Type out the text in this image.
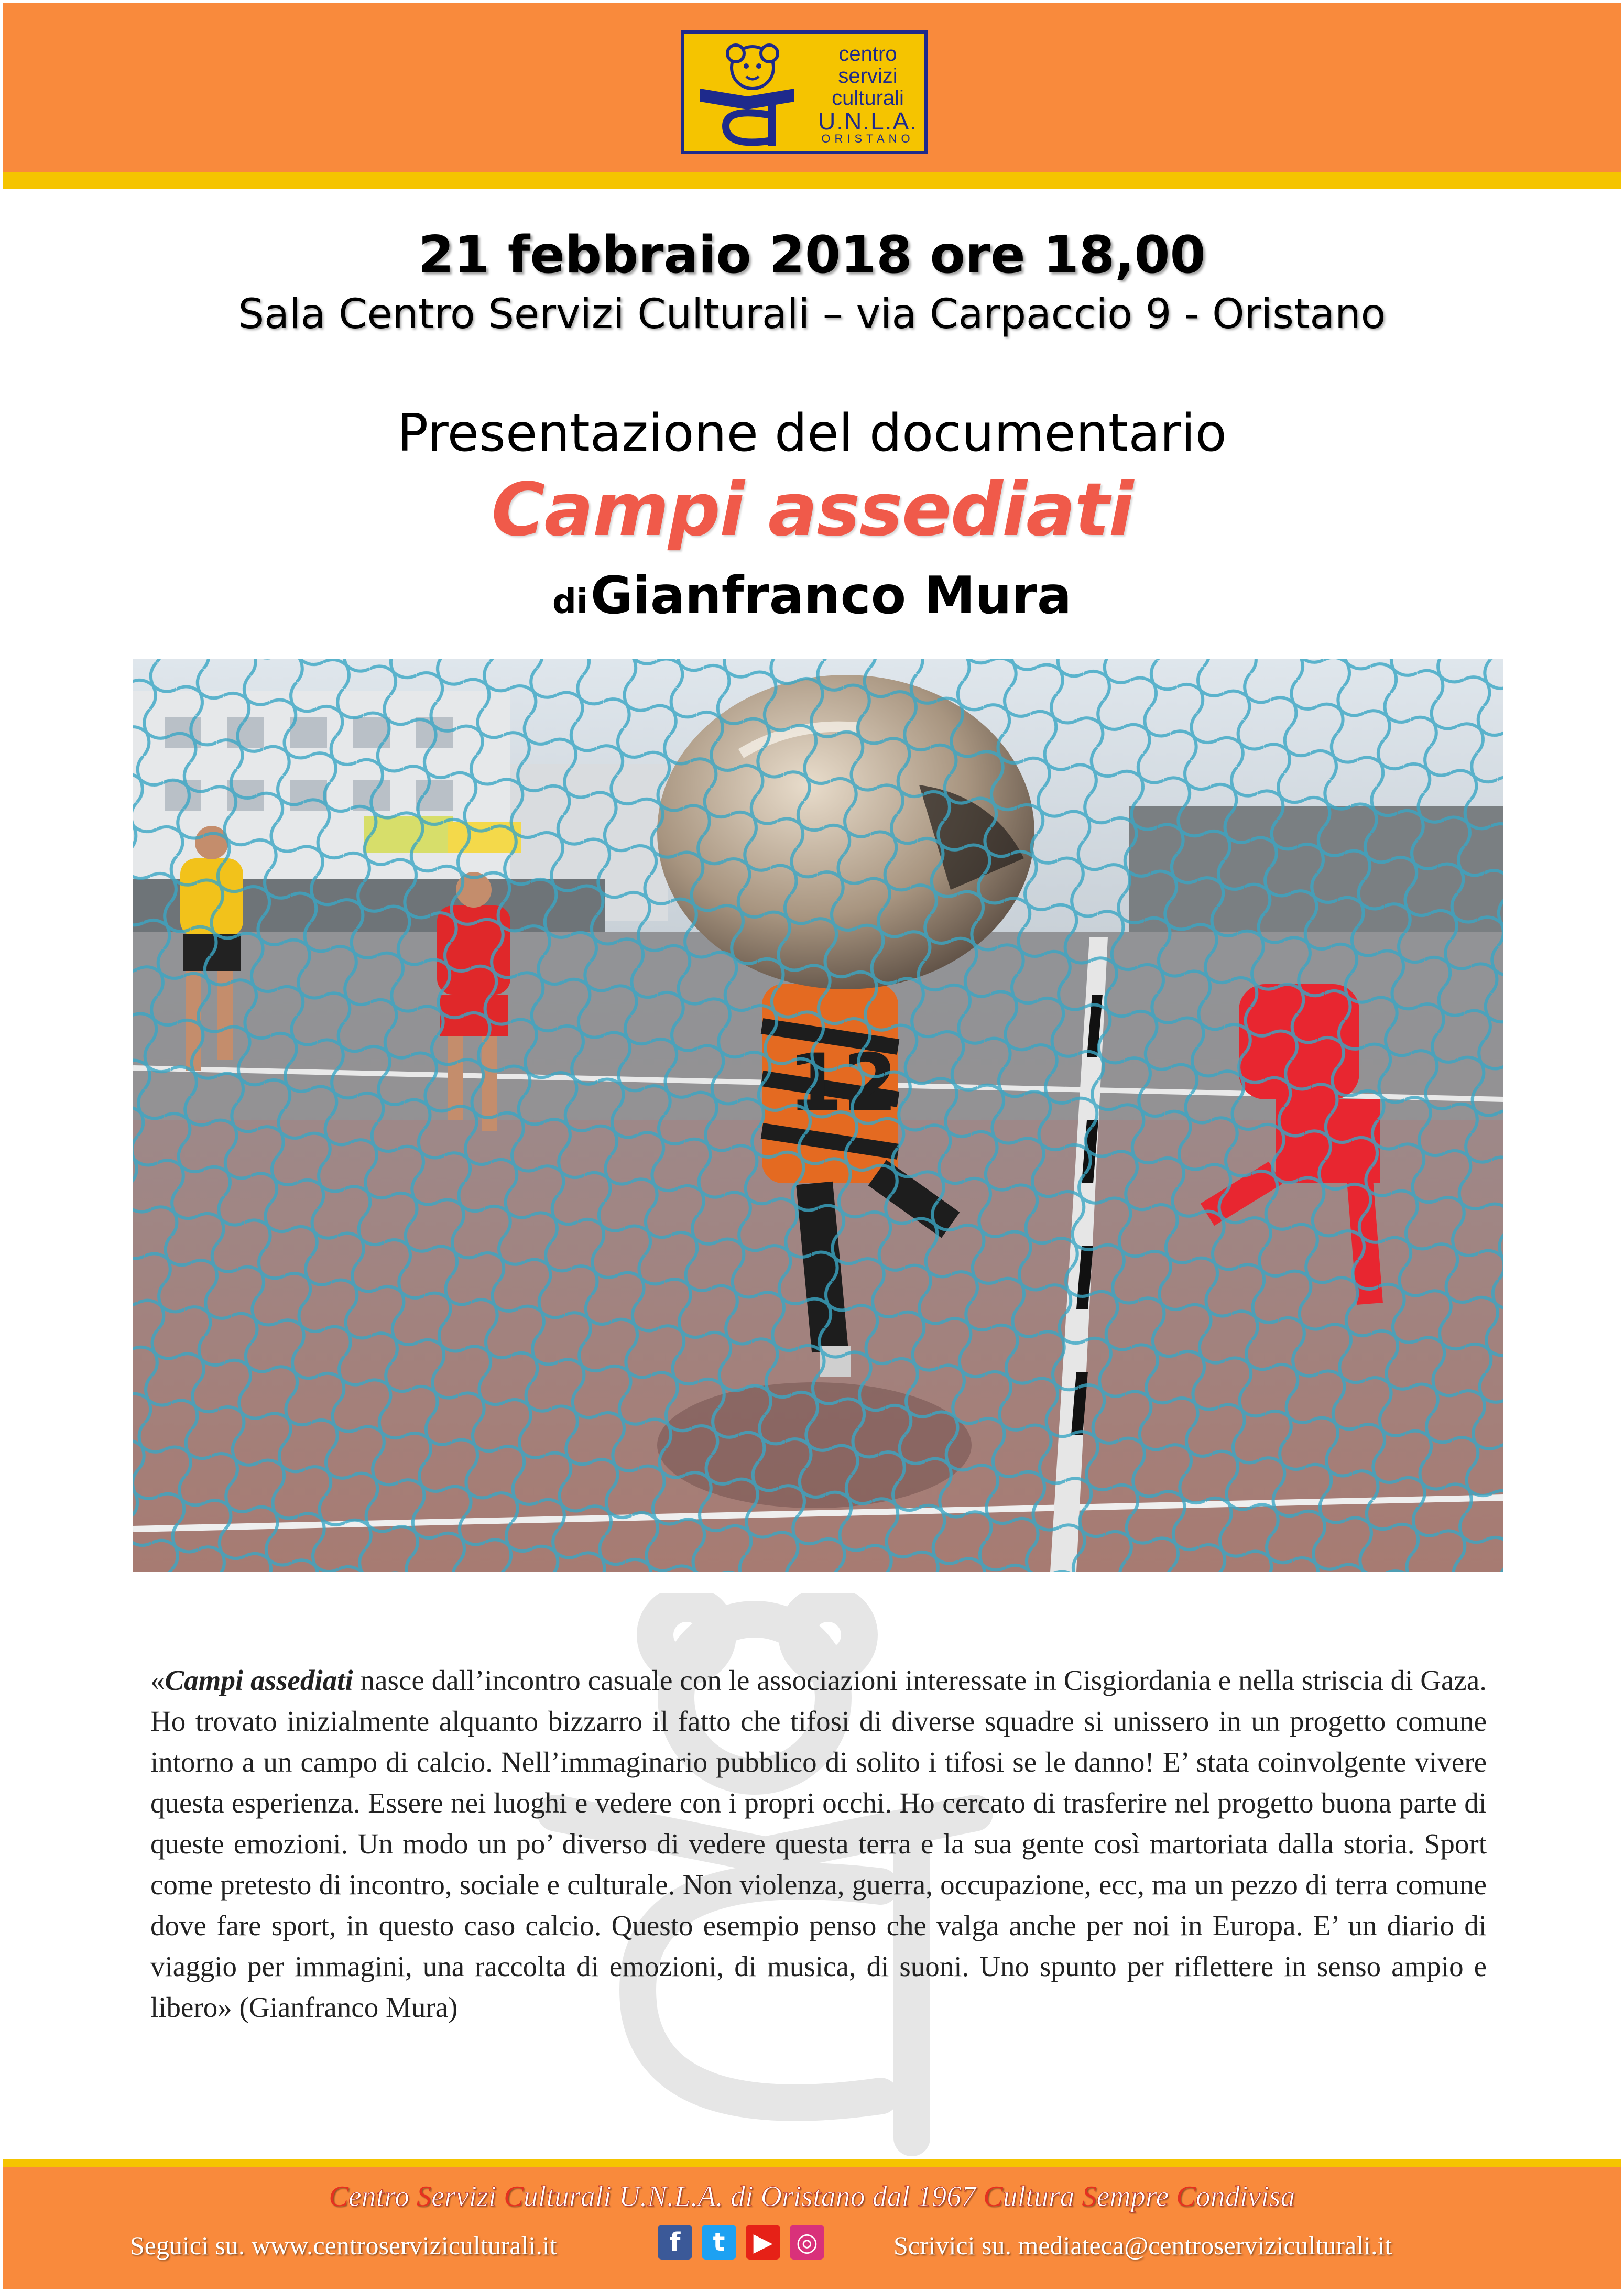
centro
servizi
culturali
U.N.L.A.
ORISTANO
21 febbraio 2018 ore 18,00
Sala Centro Servizi Culturali – via Carpaccio 9 - Oristano
Presentazione del documentario
Campi assediati
di Gianfranco Mura
«Campi assediati nasce dall’incontro casuale con le associazioni interessate in Cisgiordania e nella striscia di Gaza. Ho trovato inizialmente alquanto bizzarro il fatto che tifosi di diverse squadre si unissero in un progetto comune intorno a un campo di calcio. Nell’immaginario pubblico di solito i tifosi se le danno! E’ stata coinvolgente vivere questa esperienza. Essere nei luoghi e vedere con i propri occhi. Ho cercato di trasferire nel progetto buona parte di queste emozioni. Un modo un po’ diverso di vedere questa terra e la sua gente così martoriata dalla storia. Sport come pretesto di incontro, sociale e culturale. Non violenza, guerra, occupazione, ecc, ma un pezzo di terra comune dove fare sport, in questo caso calcio. Questo esempio penso che valga anche per noi in Europa. E’ un diario di viaggio per immagini, una raccolta di emozioni, di musica, di suoni. Uno spunto per riflettere in senso ampio e libero» (Gianfranco Mura)
Centro Servizi Culturali U.N.L.A. di Oristano dal 1967 Cultura Sempre Condivisa
Seguici su. www.centroserviziculturali.it	f	t	▶ ◎	Scrivici su. mediateca@centroserviziculturali.it
